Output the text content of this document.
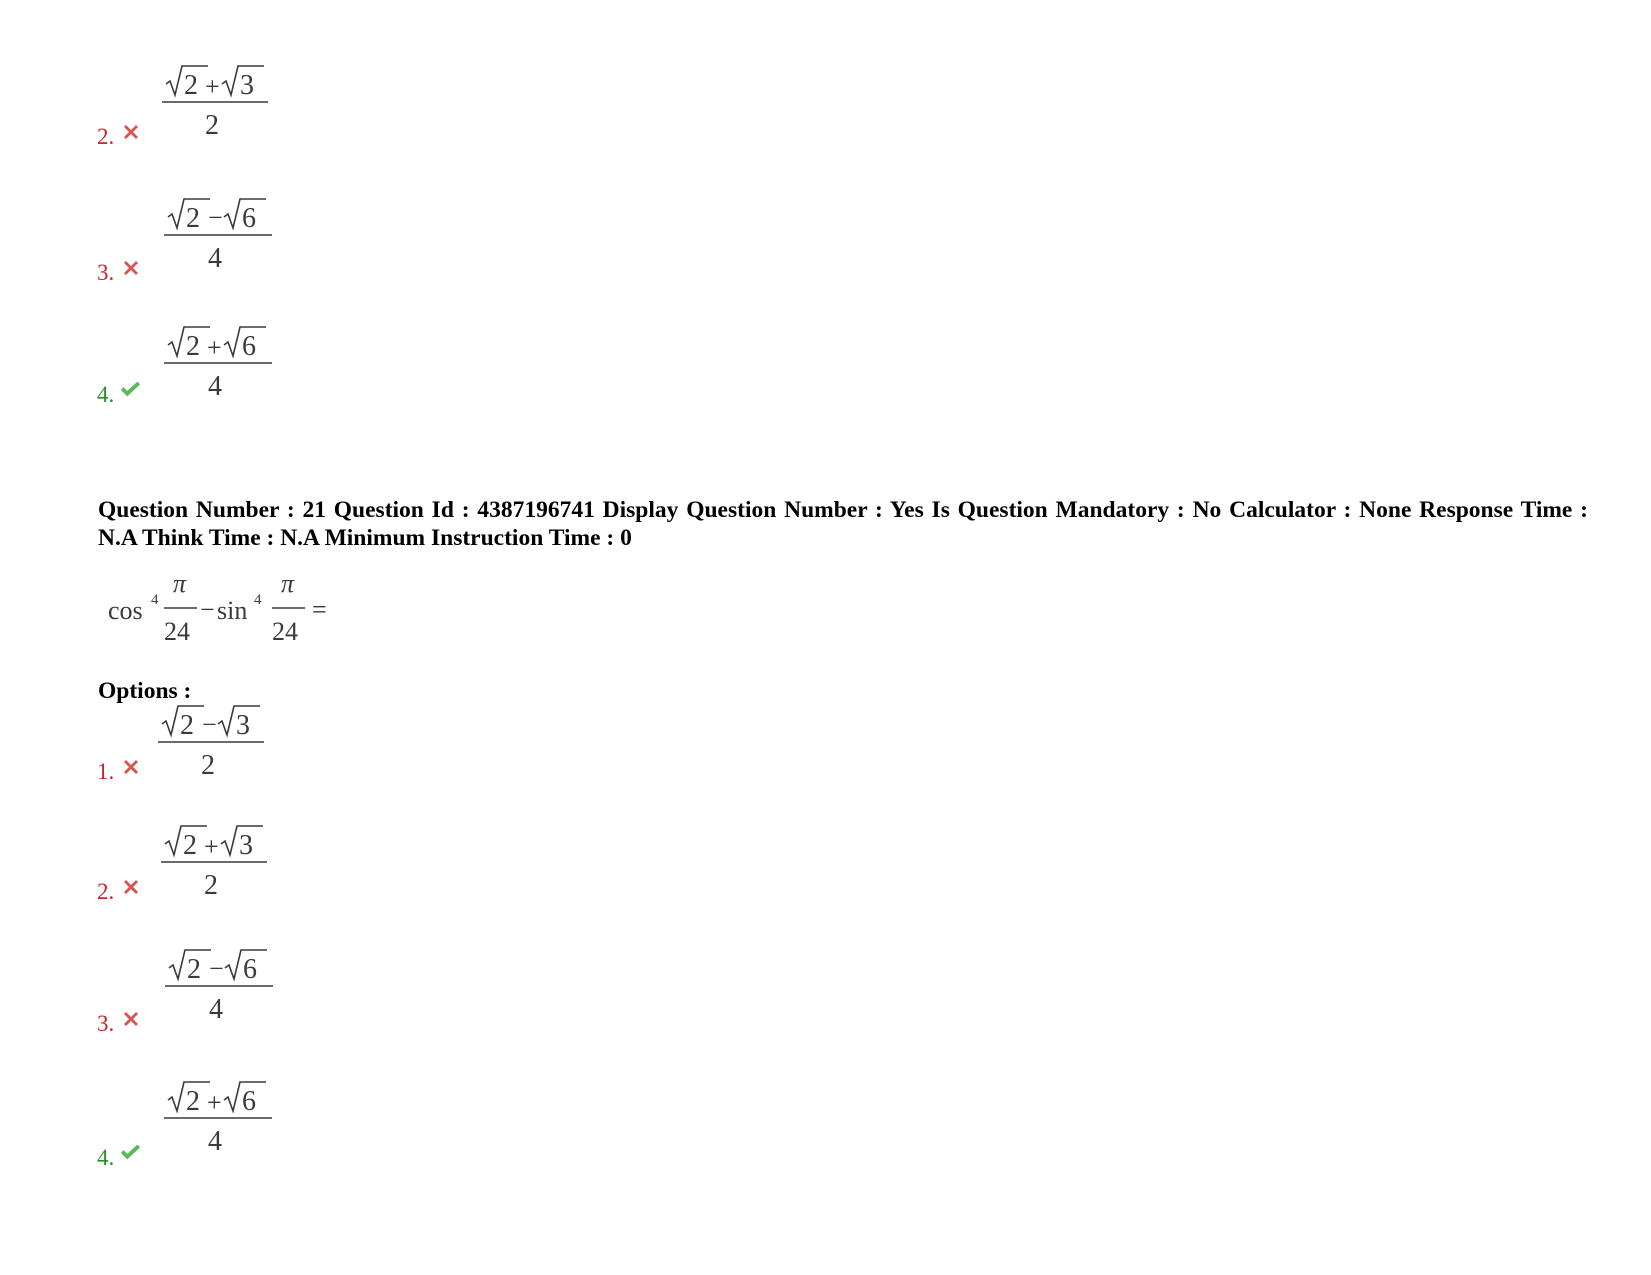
2.
2 + 3
2
3.
2 − 6
4
4.
2 + 6
4
Question Number : 21 Question Id : 4387196741 Display Question Number : Yes Is Question Mandatory : No Calculator : None Response Time : N.A Think Time : N.A Minimum Instruction Time : 0
cos 4
π
24
− sin 4
π
24
=
Options :
1.
2 − 3
2
2.
2 + 3
2
3.
2 − 6
4
4.
2 + 6
4
